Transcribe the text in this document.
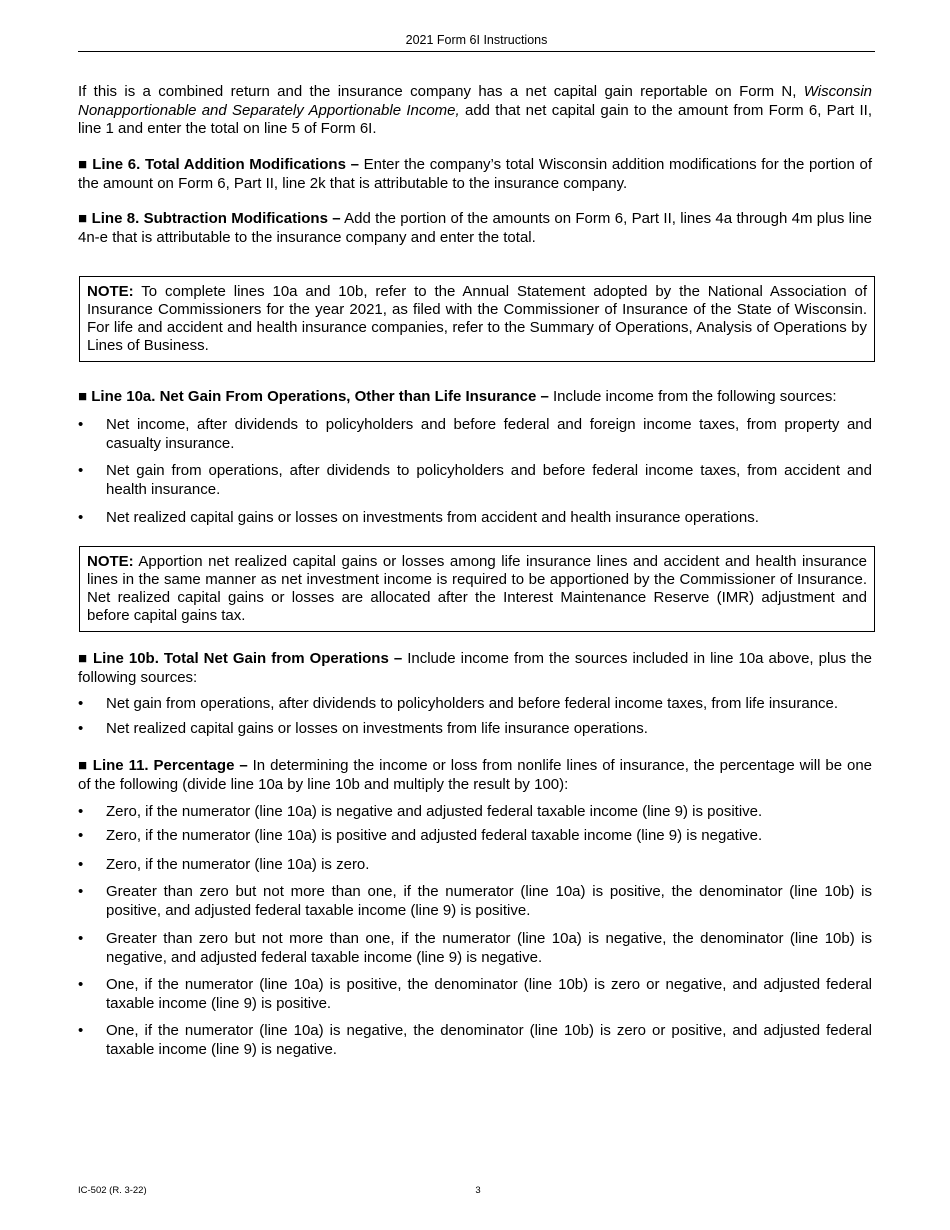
2021 Form 6I Instructions
If this is a combined return and the insurance company has a net capital gain reportable on Form N, Wisconsin Nonapportionable and Separately Apportionable Income, add that net capital gain to the amount from Form 6, Part II, line 1 and enter the total on line 5 of Form 6I.
■ Line 6. Total Addition Modifications – Enter the company’s total Wisconsin addition modifications for the portion of the amount on Form 6, Part II, line 2k that is attributable to the insurance company.
■ Line 8. Subtraction Modifications – Add the portion of the amounts on Form 6, Part II, lines 4a through 4m plus line 4n-e that is attributable to the insurance company and enter the total.
NOTE: To complete lines 10a and 10b, refer to the Annual Statement adopted by the National Association of Insurance Commissioners for the year 2021, as filed with the Commissioner of Insurance of the State of Wisconsin. For life and accident and health insurance companies, refer to the Summary of Operations, Analysis of Operations by Lines of Business.
■ Line 10a. Net Gain From Operations, Other than Life Insurance – Include income from the following sources:
•	Net income, after dividends to policyholders and before federal and foreign income taxes, from property and casualty insurance.
•	Net gain from operations, after dividends to policyholders and before federal income taxes, from accident and health insurance.
•	Net realized capital gains or losses on investments from accident and health insurance operations.
NOTE: Apportion net realized capital gains or losses among life insurance lines and accident and health insurance lines in the same manner as net investment income is required to be apportioned by the Commissioner of Insurance. Net realized capital gains or losses are allocated after the Interest Maintenance Reserve (IMR) adjustment and before capital gains tax.
■ Line 10b. Total Net Gain from Operations – Include income from the sources included in line 10a above, plus the following sources:
•	Net gain from operations, after dividends to policyholders and before federal income taxes, from life insurance.
•	Net realized capital gains or losses on investments from life insurance operations.
■ Line 11. Percentage – In determining the income or loss from nonlife lines of insurance, the percentage will be one of the following (divide line 10a by line 10b and multiply the result by 100):
•	Zero, if the numerator (line 10a) is negative and adjusted federal taxable income (line 9) is positive.
•	Zero, if the numerator (line 10a) is positive and adjusted federal taxable income (line 9) is negative.
•	Zero, if the numerator (line 10a) is zero.
•	Greater than zero but not more than one, if the numerator (line 10a) is positive, the denominator (line 10b) is positive, and adjusted federal taxable income (line 9) is positive.
•	Greater than zero but not more than one, if the numerator (line 10a) is negative, the denominator (line 10b) is negative, and adjusted federal taxable income (line 9) is negative.
•	One, if the numerator (line 10a) is positive, the denominator (line 10b) is zero or negative, and adjusted federal taxable income (line 9) is positive.
•	One, if the numerator (line 10a) is negative, the denominator (line 10b) is zero or positive, and adjusted federal taxable income (line 9) is negative.
IC-502 (R. 3-22)	3
